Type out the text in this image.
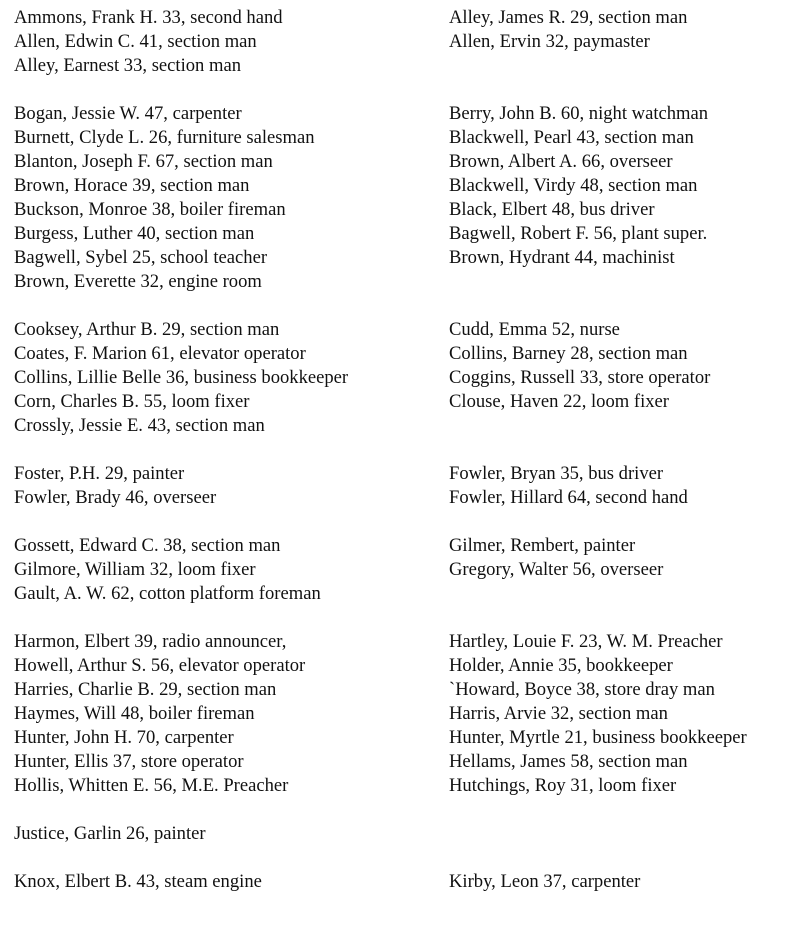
Ammons, Frank H. 33, second hand
Allen, Edwin C. 41, section man
Alley, Earnest 33, section man
Alley, James R. 29, section man
Allen, Ervin 32, paymaster
Bogan, Jessie W. 47, carpenter
Burnett, Clyde L. 26, furniture salesman
Blanton, Joseph F. 67, section man
Brown, Horace 39, section man
Buckson, Monroe 38, boiler fireman
Burgess, Luther 40, section man
Bagwell, Sybel 25, school teacher
Brown, Everette 32, engine room
Berry, John B. 60, night watchman
Blackwell, Pearl 43, section man
Brown, Albert A. 66, overseer
Blackwell, Virdy 48, section man
Black, Elbert 48, bus driver
Bagwell, Robert F. 56, plant super.
Brown, Hydrant 44, machinist
Cooksey, Arthur B. 29, section man
Coates, F. Marion 61, elevator operator
Collins, Lillie Belle 36, business bookkeeper
Corn, Charles B. 55, loom fixer
Crossly, Jessie E. 43, section man
Cudd, Emma 52, nurse
Collins, Barney 28, section man
Coggins, Russell 33, store operator
Clouse, Haven 22, loom fixer
Foster, P.H. 29, painter
Fowler, Brady 46, overseer
Fowler, Bryan 35, bus driver
Fowler, Hillard 64, second hand
Gossett, Edward C. 38, section man
Gilmore, William 32, loom fixer
Gault, A. W. 62, cotton platform foreman
Gilmer, Rembert, painter
Gregory, Walter 56, overseer
Harmon, Elbert 39, radio announcer,
Howell, Arthur S. 56, elevator operator
Harries, Charlie B. 29, section man
Haymes, Will 48, boiler fireman
Hunter, John H. 70, carpenter
Hunter, Ellis 37, store operator
Hollis, Whitten E. 56, M.E. Preacher
Hartley, Louie F. 23, W. M. Preacher
Holder, Annie 35, bookkeeper
`Howard, Boyce 38, store dray man
Harris, Arvie 32, section man
Hunter, Myrtle 21, business bookkeeper
Hellams, James 58, section man
Hutchings, Roy 31, loom fixer
Justice, Garlin 26, painter
Knox, Elbert B. 43, steam engine	Kirby, Leon 37, carpenter
